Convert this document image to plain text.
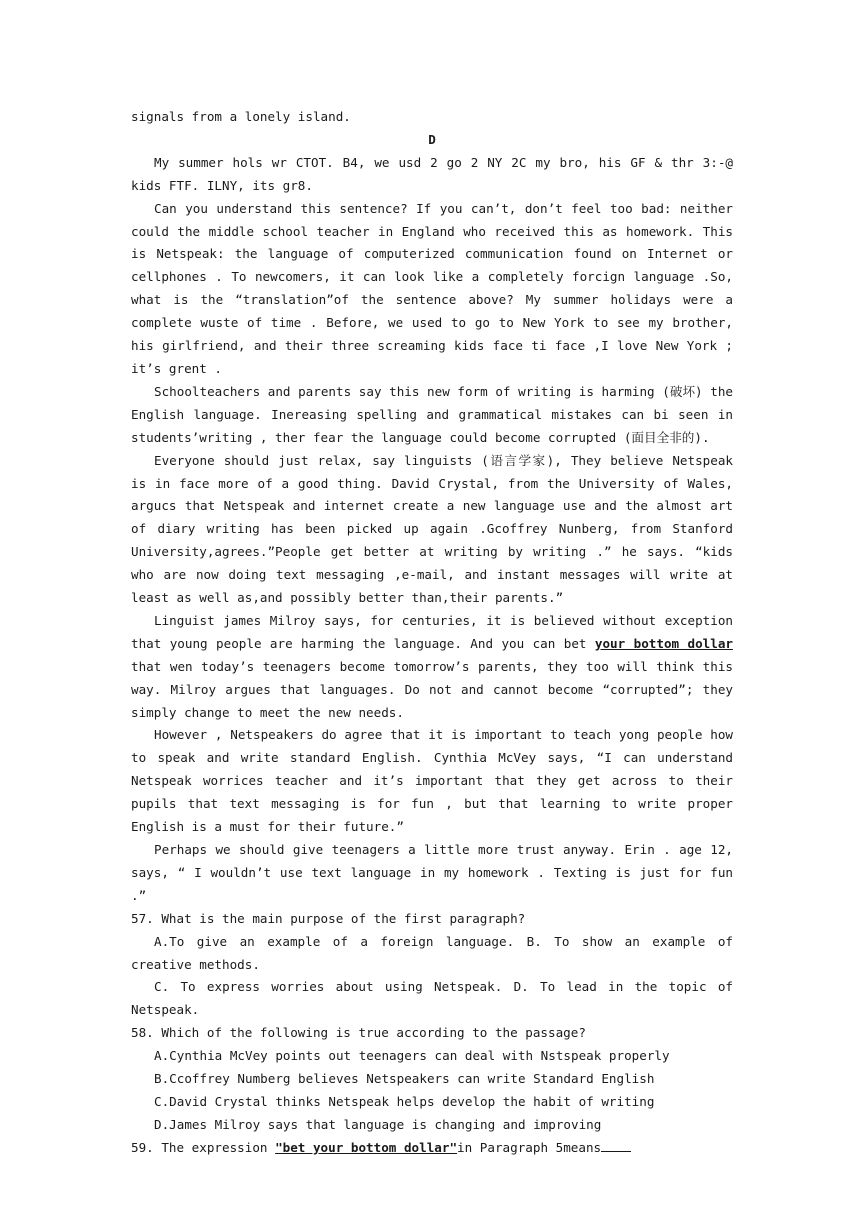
signals from a lonely island.

D

My summer hols wr CTOT. B4, we usd 2 go 2 NY 2C my bro, his GF & thr 3:-@ kids FTF. ILNY, its gr8.

Can you understand this sentence? If you can’t, don’t feel too bad: neither could the middle school teacher in England who received this as homework. This is Netspeak: the language of computerized communication found on Internet or cellphones . To newcomers, it can look like a completely forcign language .So, what is the “translation”of the sentence above? My summer holidays were a complete wuste of time . Before, we used to go to New York to see my brother, his girlfriend, and their three screaming kids face ti face ,I love New York ; it’s grent .

Schoolteachers and parents say this new form of writing is harming (破坏) the English language. Inereasing spelling and grammatical mistakes can bi seen in students’writing , ther fear the language could become corrupted (面目全非的).

Everyone should just relax, say linguists (语言学家), They believe Netspeak is in face more of a good thing. David Crystal, from the University of Wales, argucs that Netspeak and internet create a new language use and the almost art of diary writing has been picked up again .Gcoffrey Nunberg, from Stanford University,agrees.”People get better at writing by writing .” he says. “kids who are now doing text messaging ,e-mail, and instant messages will write at least as well as,and possibly better than,their parents.”

Linguist james Milroy says, for centuries, it is believed without exception that young people are harming the language. And you can bet your bottom dollar that wen today’s teenagers become tomorrow’s parents, they too will think this way. Milroy argues that languages. Do not and cannot become “corrupted”; they simply change to meet the new needs.

However , Netspeakers do agree that it is important to teach yong people how to speak and write standard English. Cynthia McVey says, “I can understand Netspeak worrices teacher and it’s important that they get across to their pupils that text messaging is for fun , but that learning to write proper English is a must for their future.”

Perhaps we should give teenagers a little more trust anyway. Erin . age 12, says, “ I wouldn’t use text language in my homework . Texting is just for fun .”

57. What is the main purpose of the first paragraph?

A.To give an example of a foreign language. B. To show an example of creative methods.

C. To express worries about using Netspeak. D. To lead in the topic of Netspeak.

58. Which of the following is true according to the passage?

A.Cynthia McVey points out teenagers can deal with Nstspeak properly

B.Ccoffrey Numberg believes Netspeakers can write Standard English

C.David Crystal thinks Netspeak helps develop the habit of writing

D.James Milroy says that language is changing and improving

59. The expression "bet your bottom dollar"in Paragraph 5means
